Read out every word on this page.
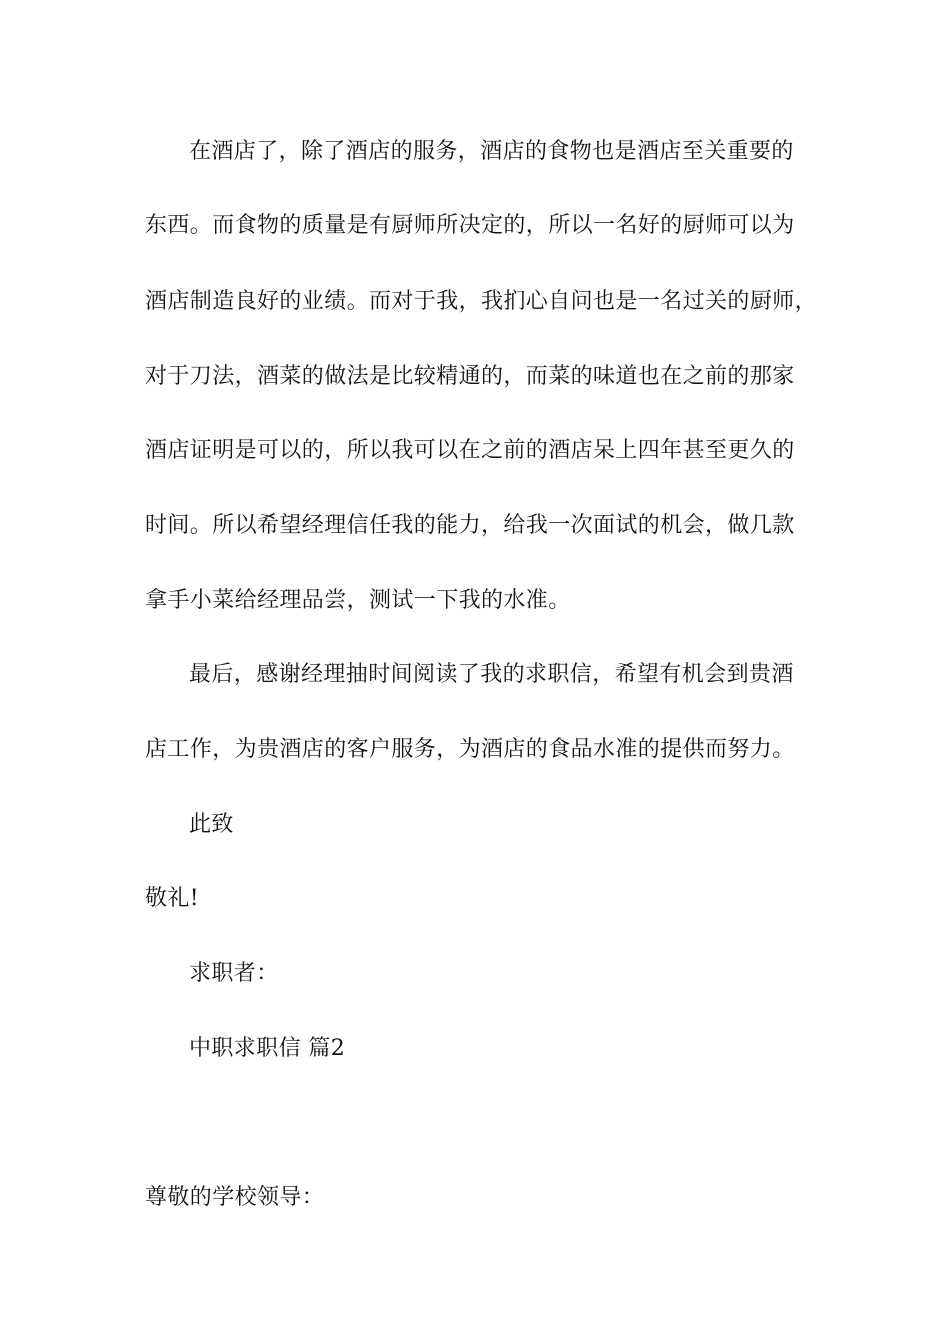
在酒店了，除了酒店的服务，酒店的食物也是酒店至关重要的
东西。而食物的质量是有厨师所决定的，所以一名好的厨师可以为
酒店制造良好的业绩。而对于我，我扪心自问也是一名过关的厨师，
对于刀法，酒菜的做法是比较精通的，而菜的味道也在之前的那家
酒店证明是可以的，所以我可以在之前的酒店呆上四年甚至更久的
时间。所以希望经理信任我的能力，给我一次面试的机会，做几款
拿手小菜给经理品尝，测试一下我的水准。
最后，感谢经理抽时间阅读了我的求职信，希望有机会到贵酒
店工作，为贵酒店的客户服务，为酒店的食品水准的提供而努力。
此致
敬礼!
求职者：
中职求职信 篇2
尊敬的学校领导：
